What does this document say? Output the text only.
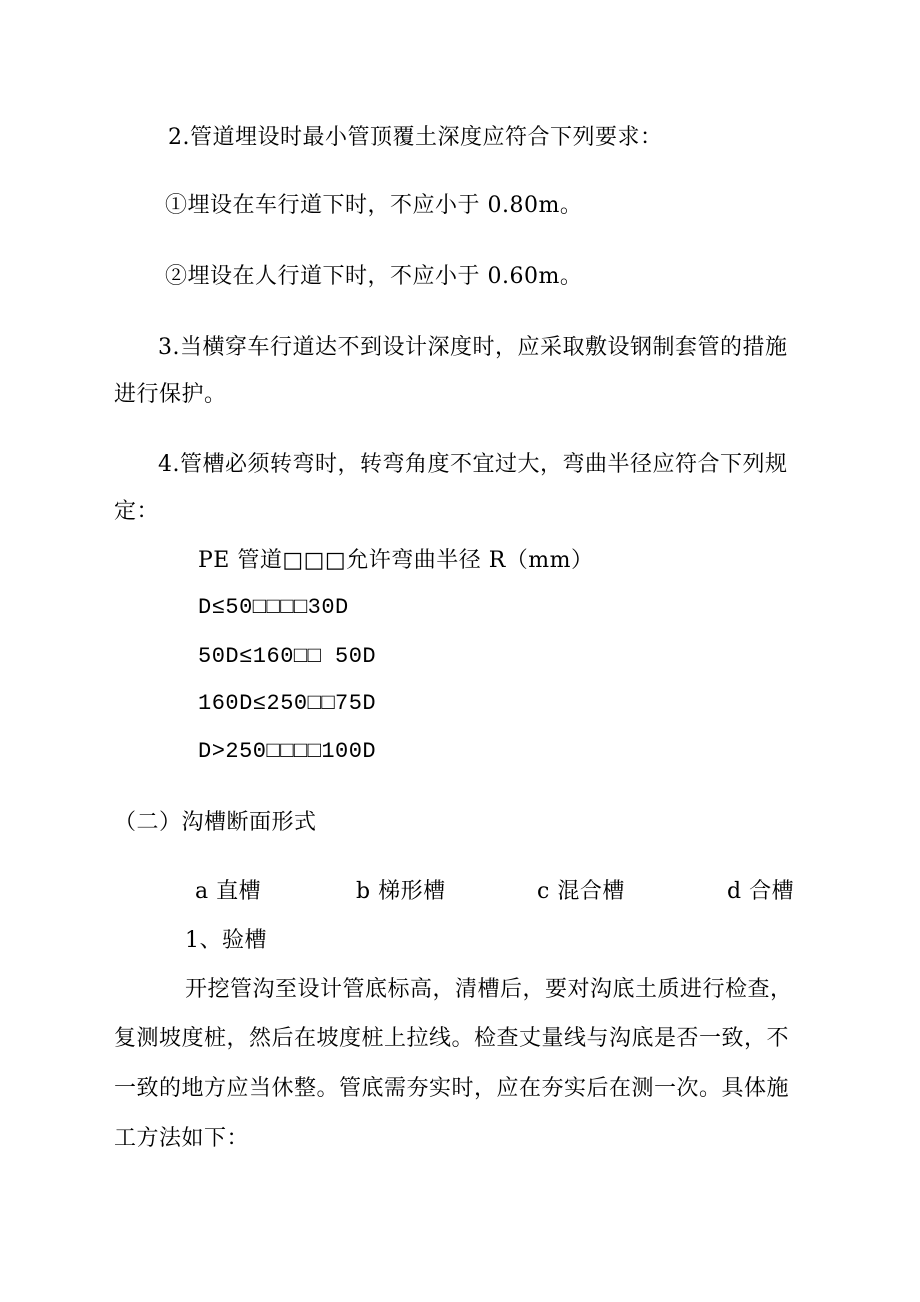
2.管道埋设时最小管顶覆土深度应符合下列要求：
①埋设在车行道下时，不应小于 0.80m。
②埋设在人行道下时，不应小于 0.60m。
3.当横穿车行道达不到设计深度时，应采取敷设钢制套管的措施
进行保护。
4.管槽必须转弯时，转弯角度不宜过大，弯曲半径应符合下列规
定：
PE 管道□□□允许弯曲半径 R（mm）
D≤50□□□□30D
50D≤160□□ 50D
160D≤250□□75D
D>250□□□□100D
（二）沟槽断面形式
a 直槽	b 梯形槽	c 混合槽	d 合槽
1、验槽
开挖管沟至设计管底标高，清槽后，要对沟底土质进行检查，
复测坡度桩，然后在坡度桩上拉线。检查丈量线与沟底是否一致，不
一致的地方应当休整。管底需夯实时，应在夯实后在测一次。具体施
工方法如下：
